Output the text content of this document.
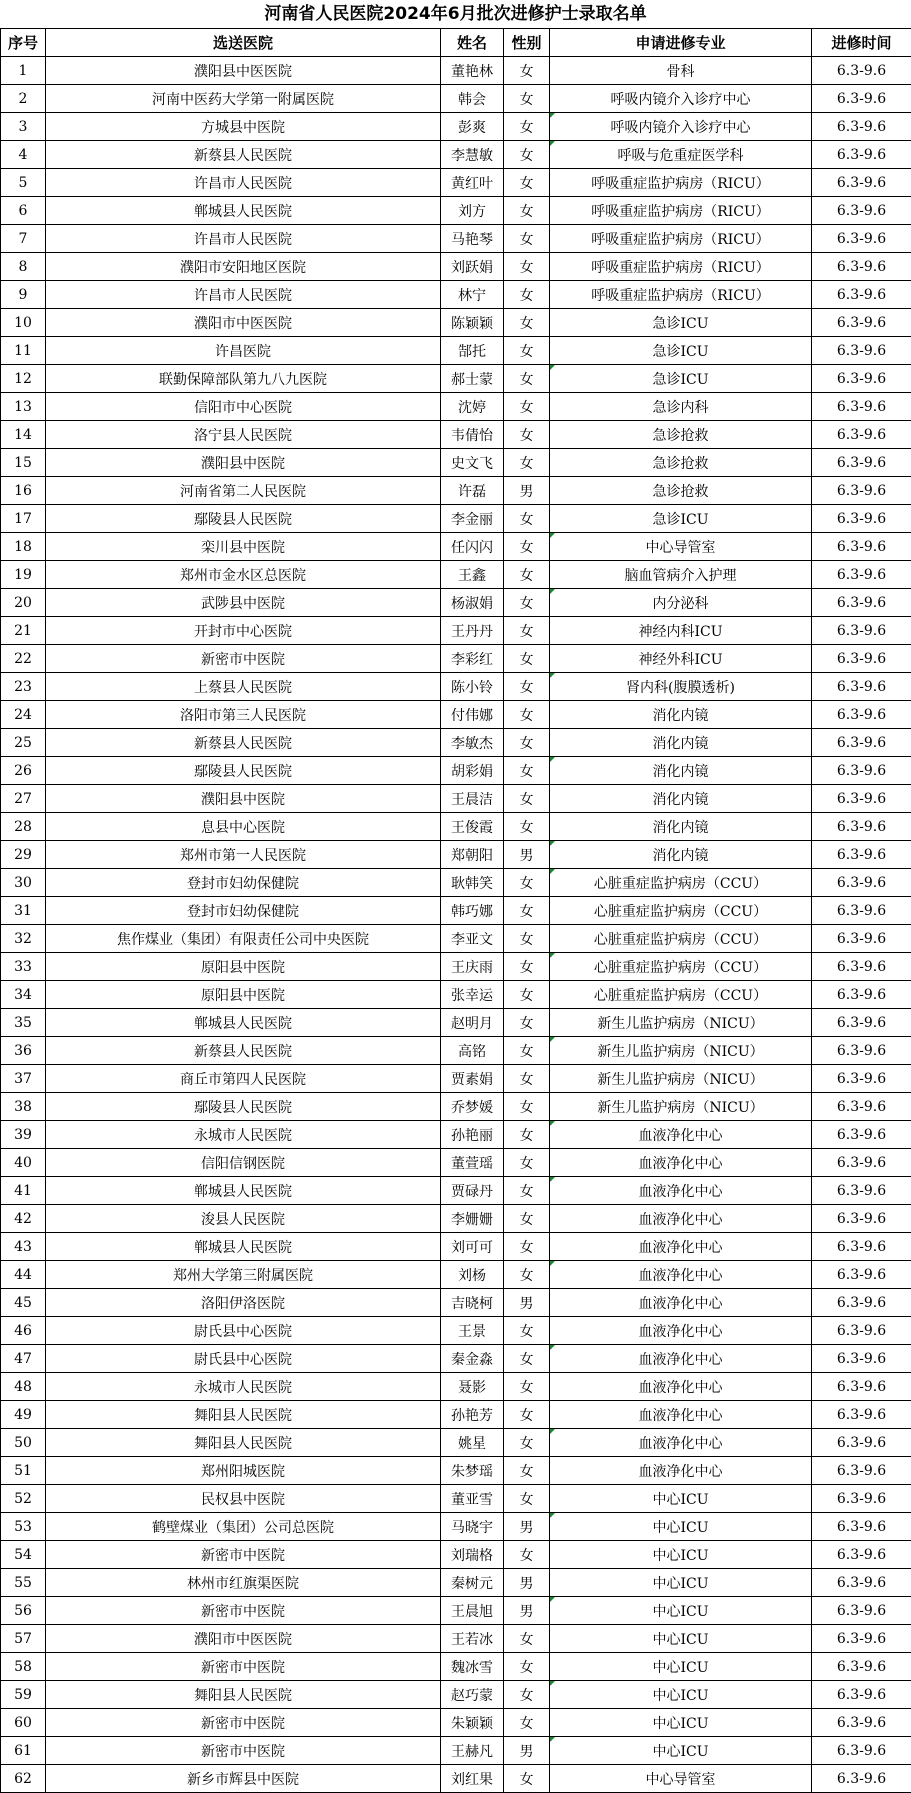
河南省人民医院2024年6月批次进修护士录取名单
序号	选送医院	姓名	性别	申请进修专业	进修时间
1	濮阳县中医医院	董艳林	女	骨科	6.3-9.6
2	河南中医药大学第一附属医院	韩会	女	呼吸内镜介入诊疗中心	6.3-9.6
3	方城县中医院	彭爽	女	呼吸内镜介入诊疗中心	6.3-9.6
4	新蔡县人民医院	李慧敏	女	呼吸与危重症医学科	6.3-9.6
5	许昌市人民医院	黄红叶	女	呼吸重症监护病房（RICU）	6.3-9.6
6	郸城县人民医院	刘方	女	呼吸重症监护病房（RICU）	6.3-9.6
7	许昌市人民医院	马艳琴	女	呼吸重症监护病房（RICU）	6.3-9.6
8	濮阳市安阳地区医院	刘跃娟	女	呼吸重症监护病房（RICU）	6.3-9.6
9	许昌市人民医院	林宁	女	呼吸重症监护病房（RICU）	6.3-9.6
10	濮阳市中医医院	陈颖颖	女	急诊ICU	6.3-9.6
11	许昌医院	郜托	女	急诊ICU	6.3-9.6
12	联勤保障部队第九八九医院	郝士蒙	女	急诊ICU	6.3-9.6
13	信阳市中心医院	沈婷	女	急诊内科	6.3-9.6
14	洛宁县人民医院	韦倩怡	女	急诊抢救	6.3-9.6
15	濮阳县中医院	史文飞	女	急诊抢救	6.3-9.6
16	河南省第二人民医院	许磊	男	急诊抢救	6.3-9.6
17	鄢陵县人民医院	李金丽	女	急诊ICU	6.3-9.6
18	栾川县中医院	任闪闪	女	中心导管室	6.3-9.6
19	郑州市金水区总医院	王鑫	女	脑血管病介入护理	6.3-9.6
20	武陟县中医院	杨淑娟	女	内分泌科	6.3-9.6
21	开封市中心医院	王丹丹	女	神经内科ICU	6.3-9.6
22	新密市中医院	李彩红	女	神经外科ICU	6.3-9.6
23	上蔡县人民医院	陈小铃	女	肾内科(腹膜透析)	6.3-9.6
24	洛阳市第三人民医院	付伟娜	女	消化内镜	6.3-9.6
25	新蔡县人民医院	李敏杰	女	消化内镜	6.3-9.6
26	鄢陵县人民医院	胡彩娟	女	消化内镜	6.3-9.6
27	濮阳县中医院	王晨洁	女	消化内镜	6.3-9.6
28	息县中心医院	王俊霞	女	消化内镜	6.3-9.6
29	郑州市第一人民医院	郑朝阳	男	消化内镜	6.3-9.6
30	登封市妇幼保健院	耿韩笑	女	心脏重症监护病房（CCU）	6.3-9.6
31	登封市妇幼保健院	韩巧娜	女	心脏重症监护病房（CCU）	6.3-9.6
32	焦作煤业（集团）有限责任公司中央医院	李亚文	女	心脏重症监护病房（CCU）	6.3-9.6
33	原阳县中医院	王庆雨	女	心脏重症监护病房（CCU）	6.3-9.6
34	原阳县中医院	张幸运	女	心脏重症监护病房（CCU）	6.3-9.6
35	郸城县人民医院	赵明月	女	新生儿监护病房（NICU）	6.3-9.6
36	新蔡县人民医院	高铭	女	新生儿监护病房（NICU）	6.3-9.6
37	商丘市第四人民医院	贾素娟	女	新生儿监护病房（NICU）	6.3-9.6
38	鄢陵县人民医院	乔梦媛	女	新生儿监护病房（NICU）	6.3-9.6
39	永城市人民医院	孙艳丽	女	血液净化中心	6.3-9.6
40	信阳信钢医院	董萱瑶	女	血液净化中心	6.3-9.6
41	郸城县人民医院	贾碌丹	女	血液净化中心	6.3-9.6
42	浚县人民医院	李姗姗	女	血液净化中心	6.3-9.6
43	郸城县人民医院	刘可可	女	血液净化中心	6.3-9.6
44	郑州大学第三附属医院	刘杨	女	血液净化中心	6.3-9.6
45	洛阳伊洛医院	吉晓柯	男	血液净化中心	6.3-9.6
46	尉氏县中心医院	王景	女	血液净化中心	6.3-9.6
47	尉氏县中心医院	秦金淼	女	血液净化中心	6.3-9.6
48	永城市人民医院	聂影	女	血液净化中心	6.3-9.6
49	舞阳县人民医院	孙艳芳	女	血液净化中心	6.3-9.6
50	舞阳县人民医院	姚星	女	血液净化中心	6.3-9.6
51	郑州阳城医院	朱梦瑶	女	血液净化中心	6.3-9.6
52	民权县中医院	董亚雪	女	中心ICU	6.3-9.6
53	鹤壁煤业（集团）公司总医院	马晓宇	男	中心ICU	6.3-9.6
54	新密市中医院	刘瑞格	女	中心ICU	6.3-9.6
55	林州市红旗渠医院	秦树元	男	中心ICU	6.3-9.6
56	新密市中医院	王晨旭	男	中心ICU	6.3-9.6
57	濮阳市中医医院	王若冰	女	中心ICU	6.3-9.6
58	新密市中医院	魏冰雪	女	中心ICU	6.3-9.6
59	舞阳县人民医院	赵巧蒙	女	中心ICU	6.3-9.6
60	新密市中医院	朱颖颖	女	中心ICU	6.3-9.6
61	新密市中医院	王赫凡	男	中心ICU	6.3-9.6
62	新乡市辉县中医院	刘红果	女	中心导管室	6.3-9.6
